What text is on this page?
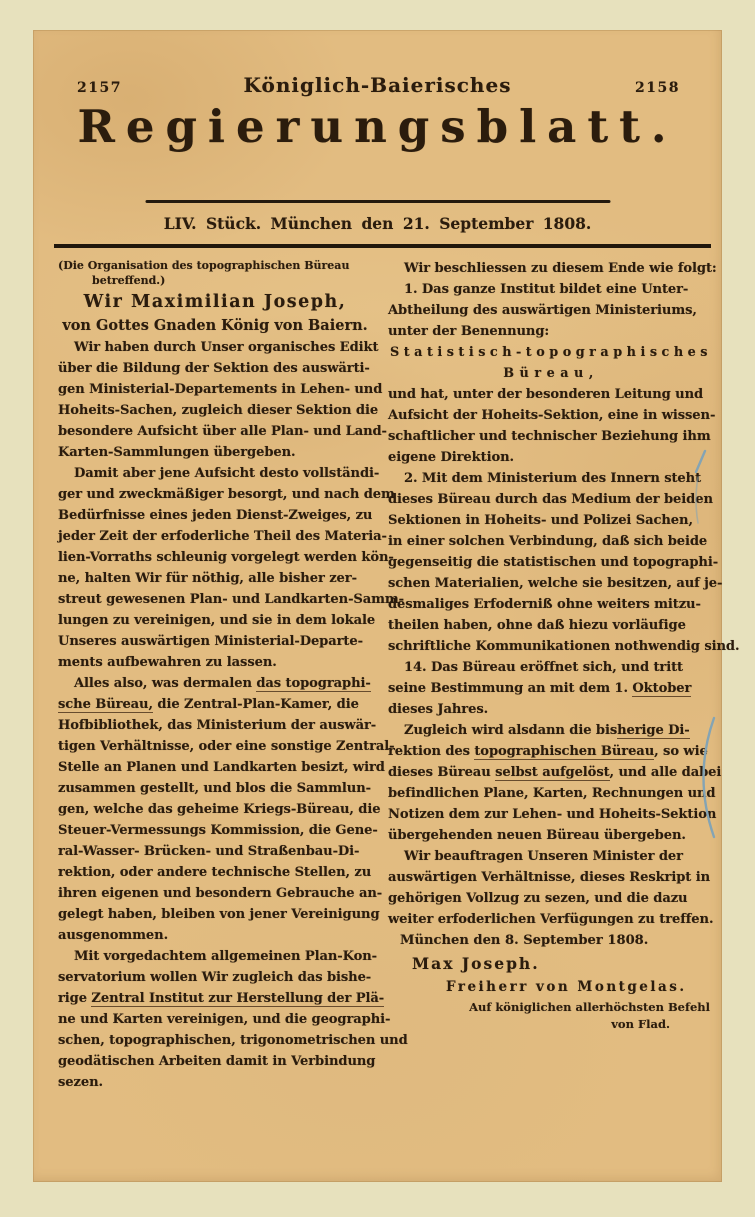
2157	Königlich-Baierisches	2158
Regierungsblatt.
LIV. Stück. München den 21. September 1808.
(Die Organisation des topographischen Büreau
betreffend.)
Wir Maximilian Joseph,
von Gottes Gnaden König von Baiern.
Wir haben durch Unser organisches Edikt
über die Bildung der Sektion des auswärti-
gen Ministerial-Departements in Lehen- und
Hoheits-Sachen, zugleich dieser Sektion die
besondere Aufsicht über alle Plan- und Land-
Karten-Sammlungen übergeben.
Damit aber jene Aufsicht desto vollständi-
ger und zweckmäßiger besorgt, und nach dem
Bedürfnisse eines jeden Dienst-Zweiges, zu
jeder Zeit der erfoderliche Theil des Materia-
lien-Vorraths schleunig vorgelegt werden kön-
ne, halten Wir für nöthig, alle bisher zer-
streut gewesenen Plan- und Landkarten-Samm-
lungen zu vereinigen, und sie in dem lokale
Unseres auswärtigen Ministerial-Departe-
ments aufbewahren zu lassen.
Alles also, was dermalen das topographi-
sche Büreau, die Zentral-Plan-Kamer, die
Hofbibliothek, das Ministerium der auswär-
tigen Verhältnisse, oder eine sonstige Zentral-
Stelle an Planen und Landkarten besizt, wird
zusammen gestellt, und blos die Sammlun-
gen, welche das geheime Kriegs-Büreau, die
Steuer-Vermessungs Kommission, die Gene-
ral-Wasser- Brücken- und Straßenbau-Di-
rektion, oder andere technische Stellen, zu
ihren eigenen und besondern Gebrauche an-
gelegt haben, bleiben von jener Vereinigung
ausgenommen.
Mit vorgedachtem allgemeinen Plan-Kon-
servatorium wollen Wir zugleich das bishe-
rige Zentral Institut zur Herstellung der Plä-
ne und Karten vereinigen, und die geographi-
schen, topographischen, trigonometrischen und
geodätischen Arbeiten damit in Verbindung
sezen.
Wir beschliessen zu diesem Ende wie folgt:
1. Das ganze Institut bildet eine Unter-
Abtheilung des auswärtigen Ministeriums,
unter der Benennung:
Statistisch-topographisches
Büreau,
und hat, unter der besonderen Leitung und
Aufsicht der Hoheits-Sektion, eine in wissen-
schaftlicher und technischer Beziehung ihm
eigene Direktion.
2. Mit dem Ministerium des Innern steht
dieses Büreau durch das Medium der beiden
Sektionen in Hoheits- und Polizei Sachen,
in einer solchen Verbindung, daß sich beide
gegenseitig die statistischen und topographi-
schen Materialien, welche sie besitzen, auf je-
desmaliges Erfoderniß ohne weiters mitzu-
theilen haben, ohne daß hiezu vorläufige
schriftliche Kommunikationen nothwendig sind.
14. Das Büreau eröffnet sich, und tritt
seine Bestimmung an mit dem 1. Oktober
dieses Jahres.
Zugleich wird alsdann die bisherige Di-
rektion des topographischen Büreau, so wie
dieses Büreau selbst aufgelöst, und alle dabei
befindlichen Plane, Karten, Rechnungen und
Notizen dem zur Lehen- und Hoheits-Sektion
übergehenden neuen Büreau übergeben.
Wir beauftragen Unseren Minister der
auswärtigen Verhältnisse, dieses Reskript in
gehörigen Vollzug zu sezen, und die dazu
weiter erfoderlichen Verfügungen zu treffen.
München den 8. September 1808.
Max Joseph.
Freiherr von Montgelas.
Auf königlichen allerhöchsten Befehl
von Flad.
